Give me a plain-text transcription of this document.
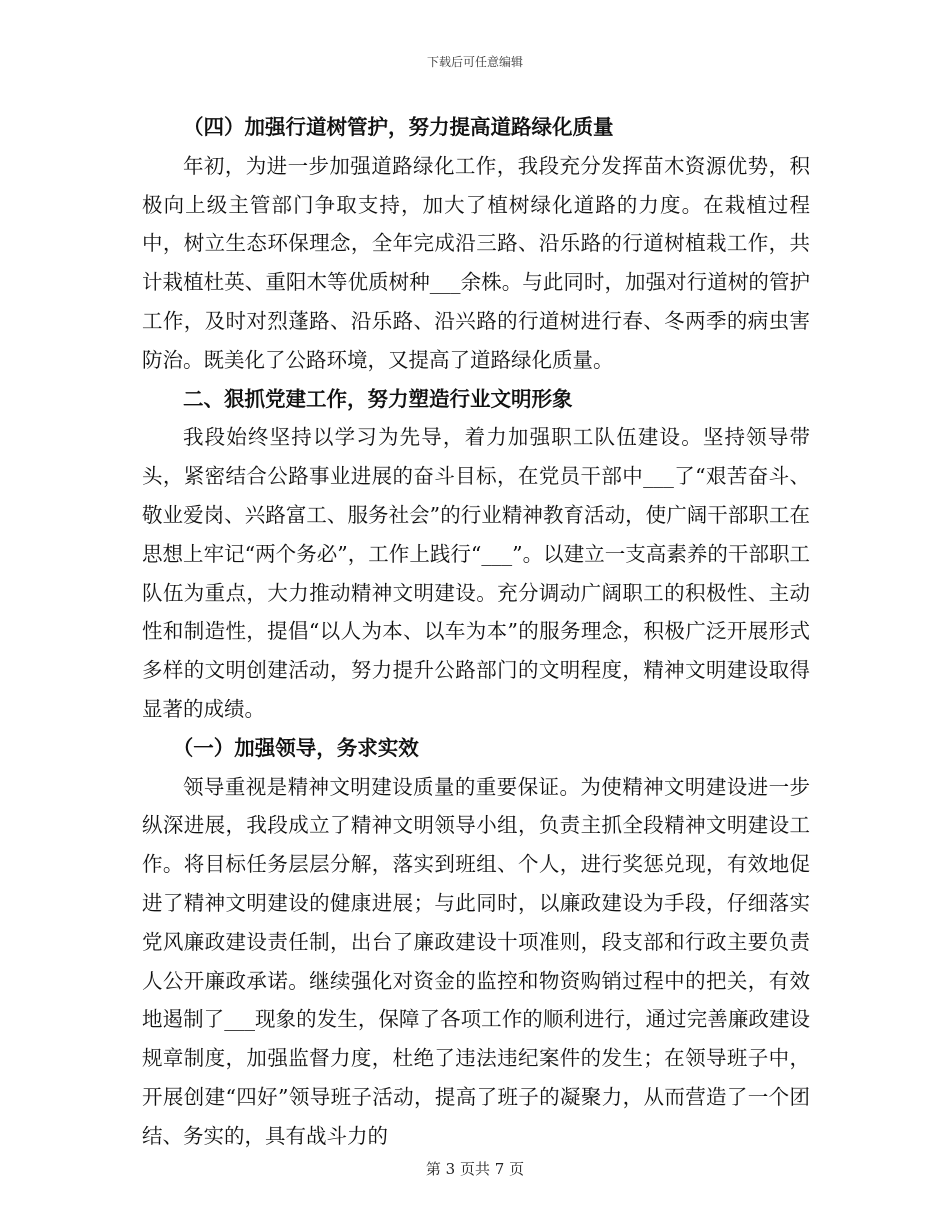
下载后可任意编辑

（四）加强行道树管护，努力提高道路绿化质量

年初，为进一步加强道路绿化工作，我段充分发挥苗木资源优势，积极向上级主管部门争取支持，加大了植树绿化道路的力度。在栽植过程中，树立生态环保理念，全年完成沿三路、沿乐路的行道树植栽工作，共计栽植杜英、重阳木等优质树种___余株。与此同时，加强对行道树的管护工作，及时对烈蓬路、沿乐路、沿兴路的行道树进行春、冬两季的病虫害防治。既美化了公路环境，又提高了道路绿化质量。

二、狠抓党建工作，努力塑造行业文明形象

我段始终坚持以学习为先导，着力加强职工队伍建设。坚持领导带头，紧密结合公路事业进展的奋斗目标，在党员干部中___了“艰苦奋斗、敬业爱岗、兴路富工、服务社会”的行业精神教育活动，使广阔干部职工在思想上牢记“两个务必”，工作上践行“___”。以建立一支高素养的干部职工队伍为重点，大力推动精神文明建设。充分调动广阔职工的积极性、主动性和制造性，提倡“以人为本、以车为本”的服务理念，积极广泛开展形式多样的文明创建活动，努力提升公路部门的文明程度，精神文明建设取得显著的成绩。

（一）加强领导，务求实效

领导重视是精神文明建设质量的重要保证。为使精神文明建设进一步纵深进展，我段成立了精神文明领导小组，负责主抓全段精神文明建设工作。将目标任务层层分解，落实到班组、个人，进行奖惩兑现，有效地促进了精神文明建设的健康进展；与此同时，以廉政建设为手段，仔细落实党风廉政建设责任制，出台了廉政建设十项准则，段支部和行政主要负责人公开廉政承诺。继续强化对资金的监控和物资购销过程中的把关，有效地遏制了___现象的发生，保障了各项工作的顺利进行，通过完善廉政建设规章制度，加强监督力度，杜绝了违法违纪案件的发生；在领导班子中，开展创建“四好”领导班子活动，提高了班子的凝聚力，从而营造了一个团结、务实的，具有战斗力的

第 3 页共 7 页
